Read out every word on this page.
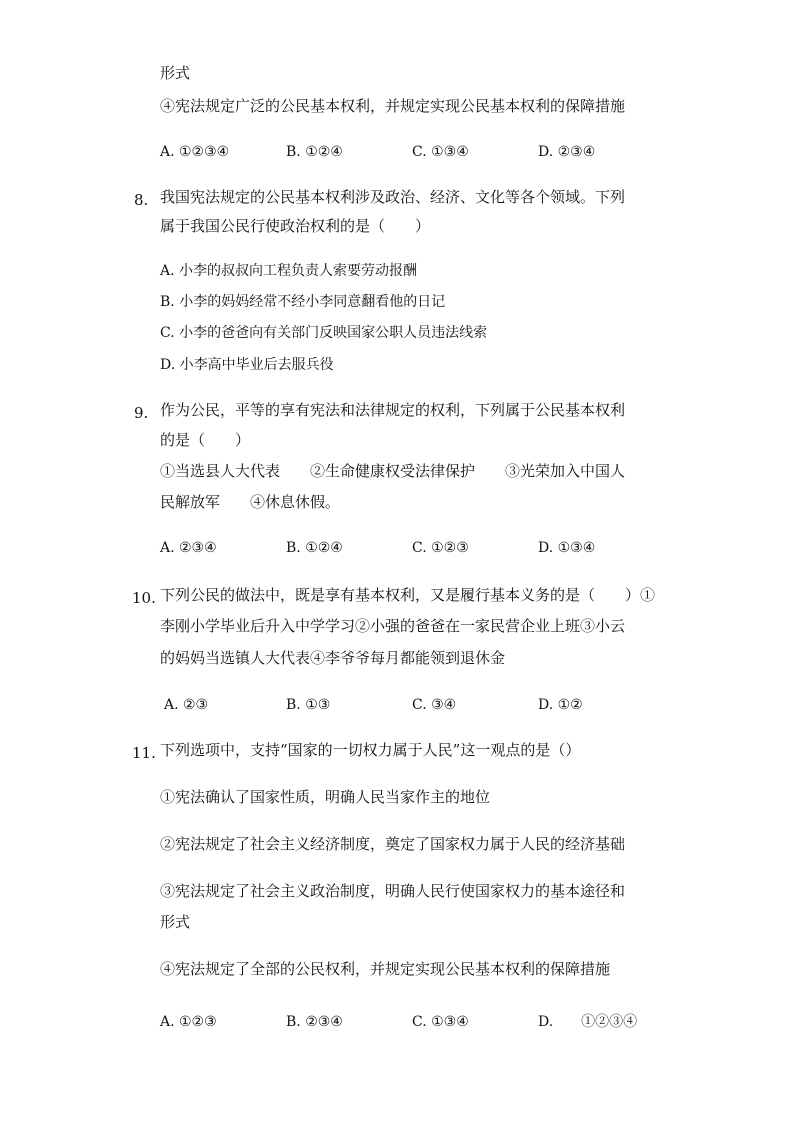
形式
④宪法规定广泛的公民基本权利，并规定实现公民基本权利的保障措施
A. ①②③④	B. ①②④	C. ①③④	D. ②③④
8. 我国宪法规定的公民基本权利涉及政治、经济、文化等各个领域。下列
属于我国公民行使政治权利的是（　　）
A. 小李的叔叔向工程负责人索要劳动报酬
B. 小李的妈妈经常不经小李同意翻看他的日记
C. 小李的爸爸向有关部门反映国家公职人员违法线索
D. 小李高中毕业后去服兵役
9. 作为公民，平等的享有宪法和法律规定的权利，下列属于公民基本权利
的是（　　）
①当选县人大代表　　②生命健康权受法律保护　　③光荣加入中国人
民解放军　　④休息休假。
A. ②③④	B. ①②④	C. ①②③	D. ①③④
10. 下列公民的做法中，既是享有基本权利，又是履行基本义务的是（　　）①
李刚小学毕业后升入中学学习②小强的爸爸在一家民营企业上班③小云
的妈妈当选镇人大代表④李爷爷每月都能领到退休金
A. ②③	B. ①③	C. ③④	D. ①②
11. 下列选项中，支持“国家的一切权力属于人民”这一观点的是（）
①宪法确认了国家性质，明确人民当家作主的地位
②宪法规定了社会主义经济制度，奠定了国家权力属于人民的经济基础
③宪法规定了社会主义政治制度，明确人民行使国家权力的基本途径和
形式
④宪法规定了全部的公民权利，并规定实现公民基本权利的保障措施
A. ①②③	B. ②③④	C. ①③④	D.　　①②③④
